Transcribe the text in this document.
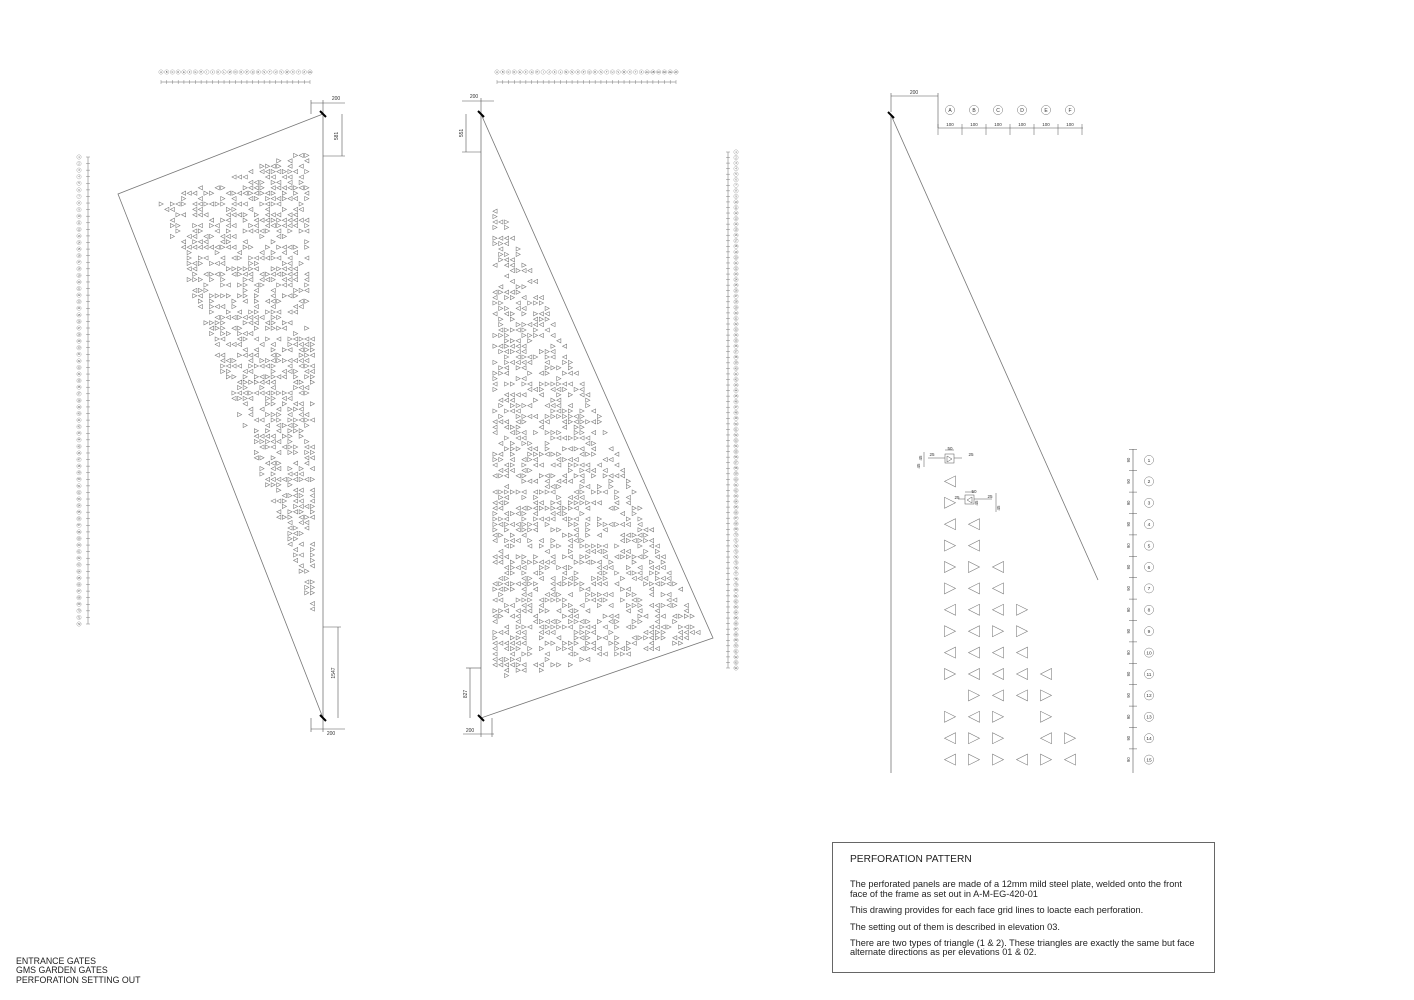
A B C D E F G H I J	K L M N O P Q R S T U V W	X Y Z AA
1
2
3
4
5
6
7
8
9
10
11
12
13
14
15
16
17
18
19
20
21
22
23
24
25
26
27
28
29
30
31
32
33
34
35
36
37
38
39
40
41
42
43
44
45
46
47
48
49
50
51
52
53
54
55
56
57
58
59
60
61
62
63
64
65
66
67
68
69
70
71
72
200
581
1547
200
A B C D E F G H I J	K L M N O P Q R S T U V W	X Y Z AA AB AC AD AE AF
1
2
3
4
5
6
7
8
9
10
11
12
13
14
15
16
17
18
19
20
21
22
23
24
25
26
27
28
29
30
31
32
33
34
35
36
37
38
39
40
41
42
43
44
45
46
47
48
49
50
51
52
53
54
55
56
57
58
59
60
61
62
63
64
65
66
67
68
69
70
71
72
73
74
75
76
77
78
79
80
81
82
83
84
85
86
87
88
89
90
91
92
93
94
200
551
827
200
200
A
100
B
100
C
100
D
100
E
100
F
100
1
90
2
90
3
90
4
90
5
90
6
90
7
90
8
90
9
90
10
90
11
90
12
90
13
90
14
90
15
90
50
25	25
45
45
50
25	25
45
45
PERFORATION PATTERN

The perforated panels are made of a 12mm mild steel plate, welded onto the front face of the frame as set out in A-M-EG-420-01

This drawing provides for each face grid lines to loacte each perforation.

The setting out of them is described in elevation 03.

There are two types of triangle (1 & 2). These triangles are exactly the same but face alternate directions as per elevations 01 & 02.

ENTRANCE GATES
GMS GARDEN GATES
PERFORATION SETTING OUT
